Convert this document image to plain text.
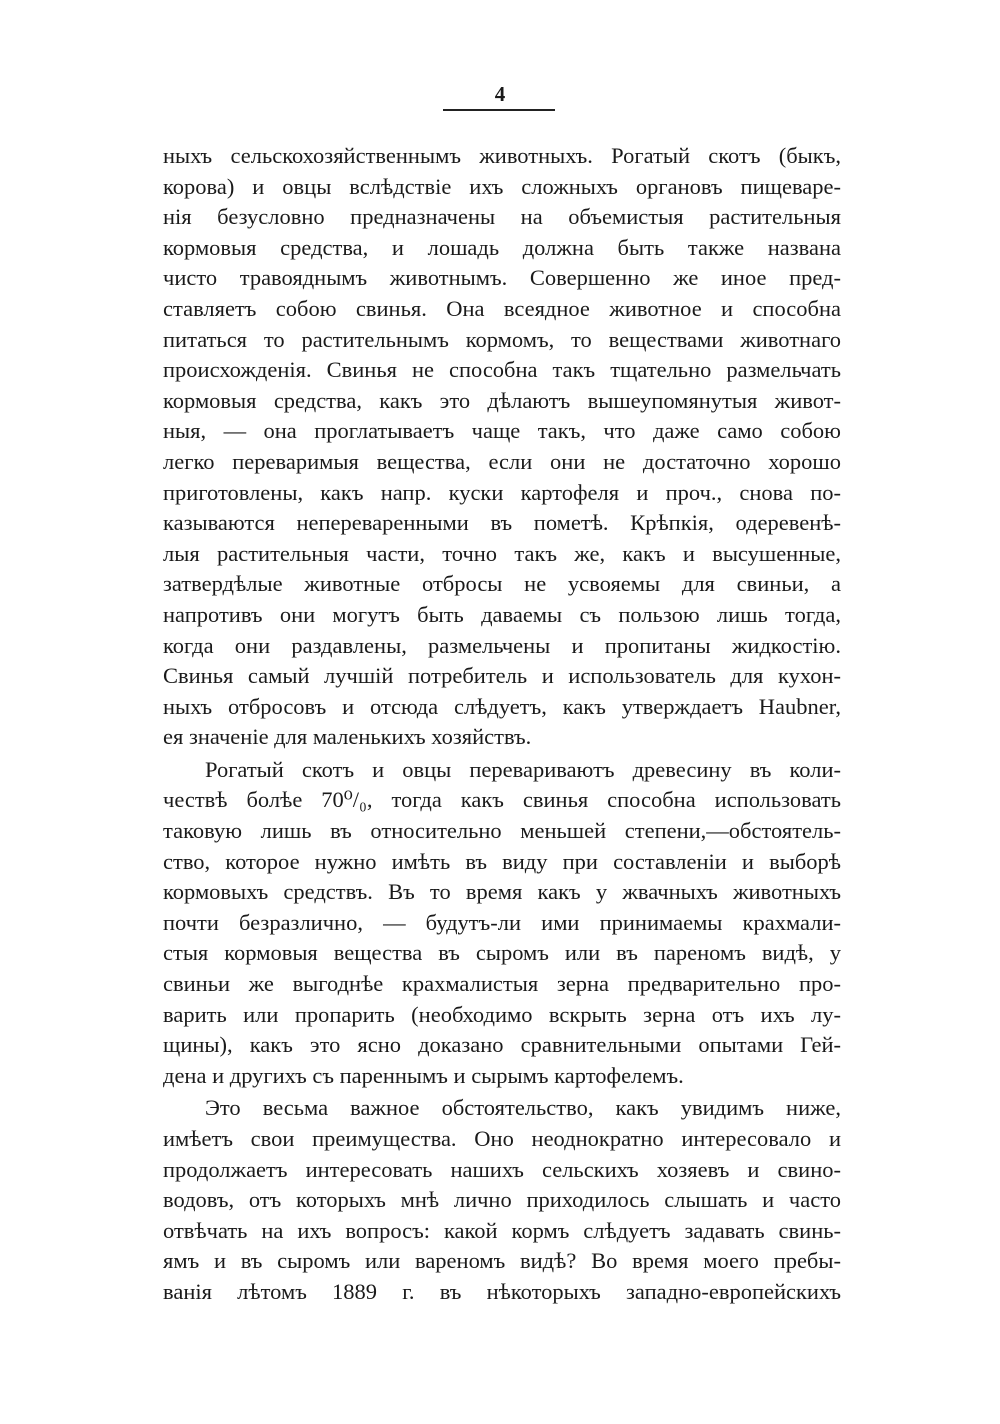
4
ныхъ сельскохозяйственнымъ животныхъ. Рогатый скотъ (быкъ,
корова) и овцы вслѣдствіе ихъ сложныхъ органовъ пищеваре-
нія безусловно предназначены на объемистыя растительныя
кормовыя средства, и лошадь должна быть также названа
чисто травояднымъ животнымъ. Совершенно же иное пред-
ставляетъ собою свинья. Она всеядное животное и способна
питаться то растительнымъ кормомъ, то веществами животнаго
происхожденія. Свинья не способна такъ тщательно размельчать
кормовыя средства, какъ это дѣлаютъ вышеупомянутыя живот-
ныя, — она проглатываетъ чаще такъ, что даже само собою
легко переваримыя вещества, если они не достаточно хорошо
приготовлены, какъ напр. куски картофеля и проч., снова по-
казываются непереваренными въ пометѣ. Крѣпкія, одеревенѣ-
лыя растительныя части, точно такъ же, какъ и высушенные,
затвердѣлые животные отбросы не усвояемы для свиньи, а
напротивъ они могутъ быть даваемы съ пользою лишь тогда,
когда они раздавлены, размельчены и пропитаны жидкостію.
Свинья самый лучшій потребитель и использователь для кухон-
ныхъ отбросовъ и отсюда слѣдуетъ, какъ утверждаетъ Haubner,
ея значеніе для маленькихъ хозяйствъ.
Рогатый скотъ и овцы перевариваютъ древесину въ коли-
чествѣ болѣе 70⁰/₀, тогда какъ свинья способна использовать
таковую лишь въ относительно меньшей степени,—обстоятель-
ство, которое нужно имѣть въ виду при составленіи и выборѣ
кормовыхъ средствъ. Въ то время какъ у жвачныхъ животныхъ
почти безразлично, — будутъ-ли ими принимаемы крахмали-
стыя кормовыя вещества въ сыромъ или въ пареномъ видѣ, у
свиньи же выгоднѣе крахмалистыя зерна предварительно про-
варить или пропарить (необходимо вскрыть зерна отъ ихъ лу-
щины), какъ это ясно доказано сравнительными опытами Гей-
дена и другихъ съ пареннымъ и сырымъ картофелемъ.
Это весьма важное обстоятельство, какъ увидимъ ниже,
имѣетъ свои преимущества. Оно неоднократно интересовало и
продолжаетъ интересовать нашихъ сельскихъ хозяевъ и свино-
водовъ, отъ которыхъ мнѣ лично приходилось слышать и часто
отвѣчать на ихъ вопросъ: какой кормъ слѣдуетъ задавать свинь-
ямъ и въ сыромъ или вареномъ видѣ? Во время моего пребы-
ванія лѣтомъ 1889 г. въ нѣкоторыхъ западно-европейскихъ
